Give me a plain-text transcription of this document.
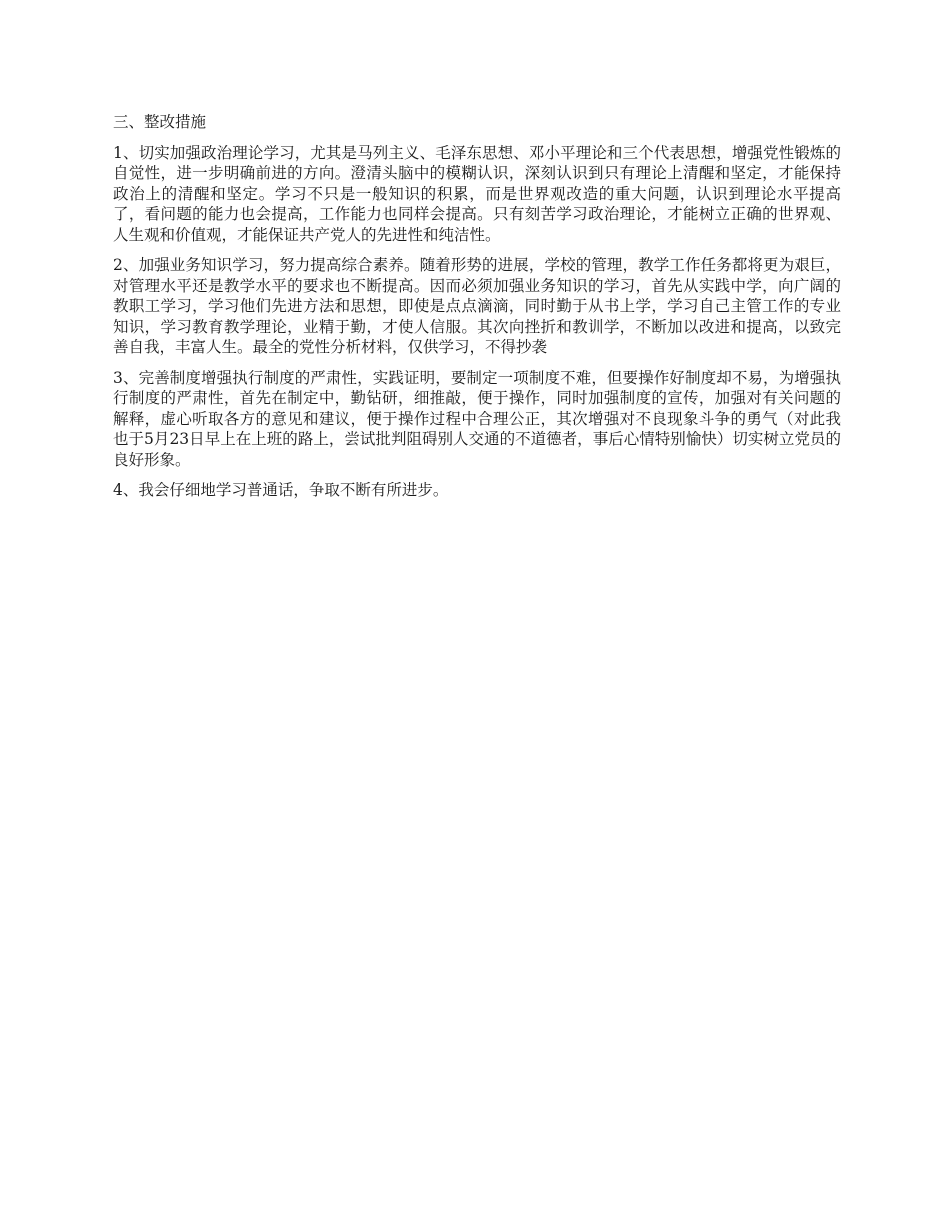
三、整改措施

1、切实加强政治理论学习，尤其是马列主义、毛泽东思想、邓小平理论和三个代表思想，增强党性锻炼的自觉性，进一步明确前进的方向。澄清头脑中的模糊认识，深刻认识到只有理论上清醒和坚定，才能保持政治上的清醒和坚定。学习不只是一般知识的积累，而是世界观改造的重大问题，认识到理论水平提高了，看问题的能力也会提高，工作能力也同样会提高。只有刻苦学习政治理论，才能树立正确的世界观、人生观和价值观，才能保证共产党人的先进性和纯洁性。

2、加强业务知识学习，努力提高综合素养。随着形势的进展，学校的管理，教学工作任务都将更为艰巨，对管理水平还是教学水平的要求也不断提高。因而必须加强业务知识的学习，首先从实践中学，向广阔的教职工学习，学习他们先进方法和思想，即使是点点滴滴，同时勤于从书上学，学习自己主管工作的专业知识，学习教育教学理论，业精于勤，才使人信服。其次向挫折和教训学，不断加以改进和提高，以致完善自我，丰富人生。最全的党性分析材料，仅供学习，不得抄袭

3、完善制度增强执行制度的严肃性，实践证明，要制定一项制度不难，但要操作好制度却不易，为增强执行制度的严肃性，首先在制定中，勤钻研，细推敲，便于操作，同时加强制度的宣传，加强对有关问题的解释，虚心听取各方的意见和建议，便于操作过程中合理公正，其次增强对不良现象斗争的勇气（对此我也于5月23日早上在上班的路上，尝试批判阻碍别人交通的不道德者，事后心情特别愉快）切实树立党员的良好形象。

4、我会仔细地学习普通话，争取不断有所进步。
